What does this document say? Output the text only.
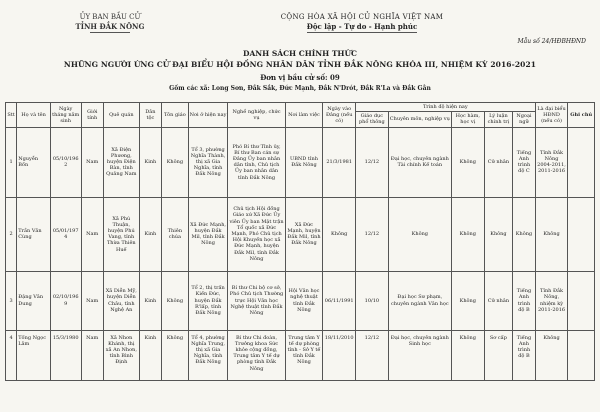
ỦY BAN BẦU CỬ
TỈNH ĐẮK NÔNG
CỘNG HÒA XÃ HỘI CỦ NGHĨA VIỆT NAM
Độc lập - Tự do - Hạnh phúc
Mẫu số 24/HĐBHĐND
DANH SÁCH CHÍNH THỨC
NHỮNG NGƯỜI ỨNG CỬ ĐẠI BIỂU HỘI ĐỒNG NHÂN DÂN TỈNH ĐẮK NÔNG KHÓA III, NHIỆM KỲ 2016-2021
Đơn vị bầu cử số: 09
Gồm các xã: Long Sơn, Đắk Sắk, Đức Mạnh, Đắk N'Drót, Đắk R'La và Đắk Gằn
Stt	Họ và tên	Ngày tháng năm sinh	Giới tính	Quê quán	Dân tộc	Tôn giáo	Nơi ở hiện nay	Nghề nghiệp, chức vụ	Nơi làm việc	Ngày vào Đảng (nếu có)	Trình độ hiện nay					Là đại biểu HĐND (nếu có)	Ghi chú
											Giáo dục phổ thông	Chuyên môn, nghiệp vụ	Học hàm, học vị	Lý luận chính trị	Ngoại ngữ		
1	Nguyễn Bốn	05/10/1962	Nam	Xã Điện Phương, huyện Điện Bàn, tỉnh Quảng Nam	Kinh	Không	Tổ 3, phường Nghĩa Thành, thị xã Gia Nghĩa, tỉnh Đắk Nông	Phó Bí thư Tỉnh ủy, Bí thư Ban cán sự Đảng Ủy ban nhân dân tỉnh, Chủ tịch Ủy ban nhân dân tỉnh Đắk Nông	UBND tỉnh Đắk Nông	21/3/1981	12/12	Đại học, chuyên ngành Tài chính Kế toán	Không	Cử nhân	Tiếng Anh trình độ C	Tỉnh Đắk Nông 2004-2011, 2011-2016	
2	Trần Văn Cùng	05/01/1974	Nam	Xã Phú Thuận, huyện Phú Vang, tỉnh Thừa Thiên Huế	Kinh	Thiên chúa	Xã Đức Mạnh, huyện Đắk Mil, tỉnh Đắk Nông	Chủ tịch Hội đồng Giáo xứ Xã Đức Ủy viên Ủy ban Mặt trận Tổ quốc xã Đức Mạnh, Phó Chủ tịch Hội Khuyến học xã Đức Mạnh, huyện Đắk Mil, tỉnh Đắk Nông	Xã Đức Mạnh, huyện Đắk Mil, tỉnh Đắk Nông	Không	12/12	Không	Không	Không	Không	Không	
3	Đặng Văn Dung	02/10/1969	Nam	Xã Diễn Mỹ, huyện Diễn Châu, tỉnh Nghệ An	Kinh	Không	Tổ 2, thị trấn Kiến Đức, huyện Đắk R'lấp, tỉnh Đắk Nông	Bí thư Chi bộ cơ sở, Phó Chủ tịch Thường trực Hội Văn học Nghệ thuật tỉnh Đắk Nông	Hội Văn học nghệ thuật tỉnh Đắk Nông	06/11/1991	10/10	Đại học Sư phạm, chuyên ngành Văn học	Không	Cử nhân	Tiếng Anh trình độ B	Tỉnh Đắk Nông, nhiệm kỳ 2011-2016	
4	Tống Ngọc Lâm	15/3/1980	Nam	Xã Nhơn Khánh, thị xã An Nhơn, tỉnh Bình Định	Kinh	Không	Tổ 4, phường Nghĩa Trung, thị xã Gia Nghĩa, tỉnh Đắk Nông	Bí thư Chi đoàn, Trưởng khoa Sức khỏe cộng đồng, Trung tâm Y tế dự phòng tỉnh Đắk Nông	Trung tâm Y tế dự phòng tỉnh - Sở Y tế tỉnh Đắk Nông	18/11/2010	12/12	Đại học, chuyên ngành Sinh học	Không	Sơ cấp	Tiếng Anh trình độ B	Không	
